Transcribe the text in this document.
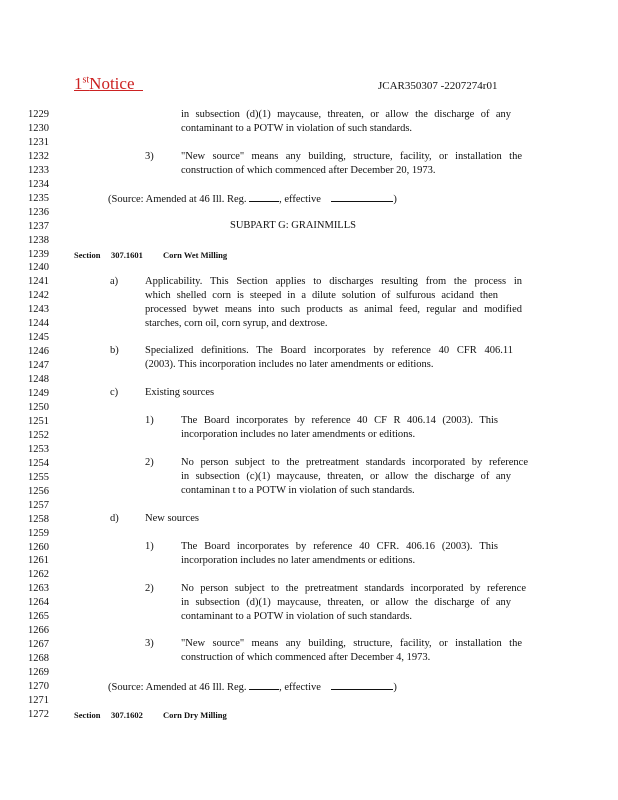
1stNotice	JCAR350307 -2207274r01
1229
1230
1231
1232
1233
1234
1235
1236
1237
1238
1239
1240
1241
1242
1243
1244
1245
1246
1247
1248
1249
1250
1251
1252
1253
1254
1255
1256
1257
1258
1259
1260
1261
1262
1263
1264
1265
1266
1267
1268
1269
1270
1271
1272
in subsection (d)(1) maycause, threaten, or allow the discharge of any
contaminant to a POTW in violation of such standards.
3)	"New source" means any building, structure, facility, or installation the
construction of which commenced after December 20, 1973.
(Source: Amended at 46 Ill. Reg.	, effective	)
SUBPART G: GRAINMILLS
Section 307.1601 Corn Wet Milling
a)	Applicability. This Section applies to discharges resulting from the process in
which shelled corn is steeped in a dilute solution of sulfurous acidand then
processed bywet means into such products as animal feed, regular and modified
starches, corn oil, corn syrup, and dextrose.
b)	Specialized definitions. The Board incorporates by reference 40 CFR 406.11
(2003). This incorporation includes no later amendments or editions.
c)	Existing sources
1)	The Board incorporates by reference 40 CF R 406.14 (2003). This
incorporation includes no later amendments or editions.
2)	No person subject to the pretreatment standards incorporated by reference
in subsection (c)(1) maycause, threaten, or allow the discharge of any
contaminan t to a POTW in violation of such standards.
d)	New sources
1)	The Board incorporates by reference 40 CFR. 406.16 (2003). This
incorporation includes no later amendments or editions.
2)	No person subject to the pretreatment standards incorporated by reference
in subsection (d)(1) maycause, threaten, or allow the discharge of any
contaminant to a POTW in violation of such standards.
3)	"New source" means any building, structure, facility, or installation the
construction of which commenced after December 4, 1973.
(Source: Amended at 46 Ill. Reg.	, effective	)
Section 307.1602 Corn Dry Milling
